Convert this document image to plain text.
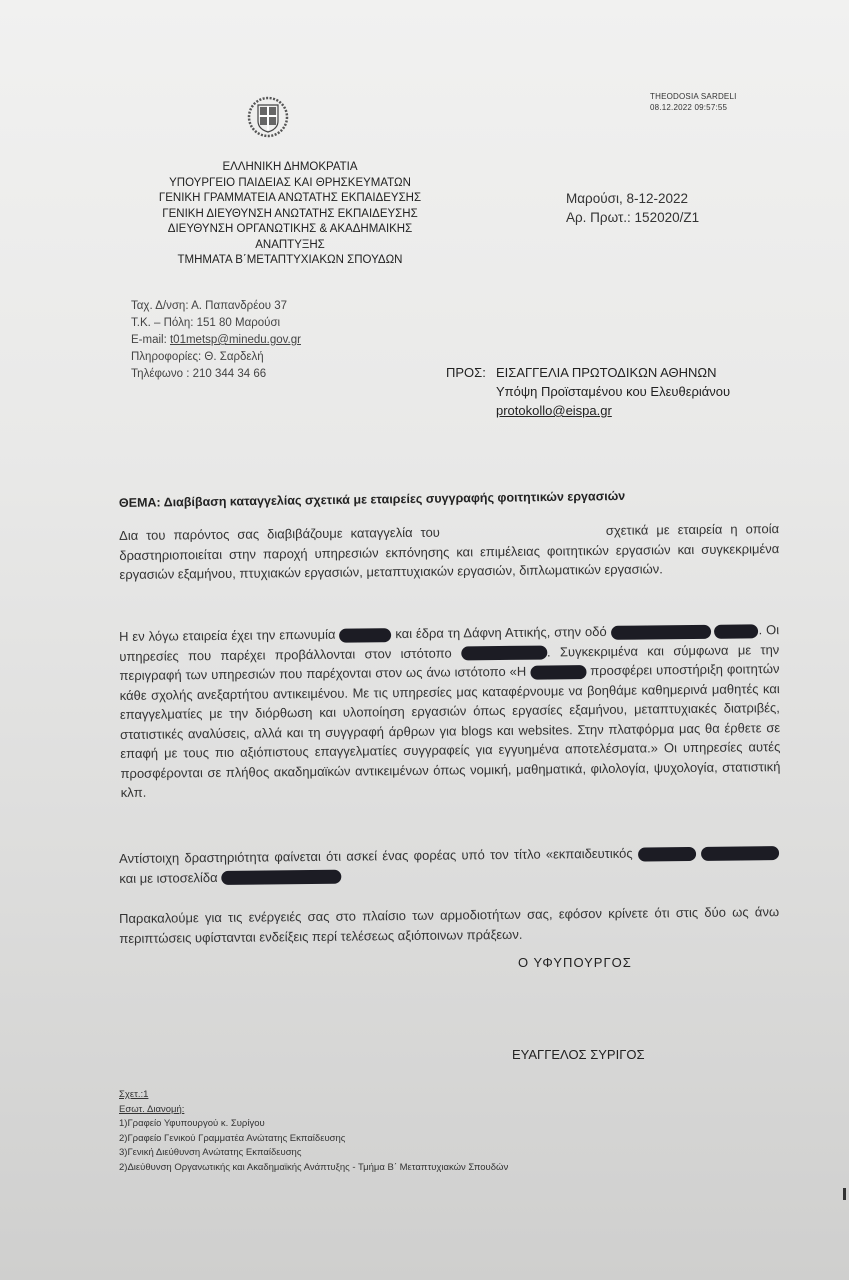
THEODOSIA SARDELI
08.12.2022 09:57:55
ΕΛΛΗΝΙΚΗ ΔΗΜΟΚΡΑΤΙΑ
ΥΠΟΥΡΓΕΙΟ ΠΑΙΔΕΙΑΣ ΚΑΙ ΘΡΗΣΚΕΥΜΑΤΩΝ
ΓΕΝΙΚΗ ΓΡΑΜΜΑΤΕΙΑ ΑΝΩΤΑΤΗΣ ΕΚΠΑΙΔΕΥΣΗΣ
ΓΕΝΙΚΗ ΔΙΕΥΘΥΝΣΗ ΑΝΩΤΑΤΗΣ ΕΚΠΑΙΔΕΥΣΗΣ
ΔΙΕΥΘΥΝΣΗ ΟΡΓΑΝΩΤΙΚΗΣ & ΑΚΑΔΗΜΑΙΚΗΣ
ΑΝΑΠΤΥΞΗΣ
ΤΜΗΜΑΤΑ Β΄ΜΕΤΑΠΤΥΧΙΑΚΩΝ ΣΠΟΥΔΩΝ
Μαρούσι, 8-12-2022
Αρ. Πρωτ.: 152020/Ζ1
Ταχ. Δ/νση: Α. Παπανδρέου 37
Τ.Κ. – Πόλη: 151 80 Μαρούσι
E-mail: t01metsp@minedu.gov.gr
Πληροφορίες: Θ. Σαρδελή
Τηλέφωνο : 210 344 34 66	ΠΡΟΣ: ΕΙΣΑΓΓΕΛΙΑ ΠΡΩΤΟΔΙΚΩΝ ΑΘΗΝΩΝ
Υπόψη Προϊσταμένου κου Ελευθεριάνου
protokollo@eispa.gr
ΘΕΜΑ: Διαβίβαση καταγγελίας σχετικά με εταιρείες συγγραφής φοιτητικών εργασιών
Δια του παρόντος σας διαβιβάζουμε καταγγελία του	σχετικά με εταιρεία η οποία δραστηριοποιείται στην παροχή υπηρεσιών εκπόνησης και επιμέλειας φοιτητικών εργασιών και συγκεκριμένα εργασιών εξαμήνου, πτυχιακών εργασιών, μεταπτυχιακών εργασιών, διπλωματικών εργασιών.
Η εν λόγω εταιρεία έχει την επωνυμία	και έδρα τη Δάφνη Αττικής, στην οδό	. Οι υπηρεσίες που παρέχει προβάλλονται στον ιστότοπο	. Συγκεκριμένα και σύμφωνα με την περιγραφή των υπηρεσιών που παρέχονται στον ως άνω ιστότοπο «Η	προσφέρει υποστήριξη φοιτητών κάθε σχολής ανεξαρτήτου αντικειμένου. Με τις υπηρεσίες μας καταφέρνουμε να βοηθάμε καθημερινά μαθητές και επαγγελματίες με την διόρθωση και υλοποίηση εργασιών όπως εργασίες εξαμήνου, μεταπτυχιακές διατριβές, στατιστικές αναλύσεις, αλλά και τη συγγραφή άρθρων για blogs και websites. Στην πλατφόρμα μας θα έρθετε σε επαφή με τους πιο αξιόπιστους επαγγελματίες συγγραφείς για εγγυημένα αποτελέσματα.» Οι υπηρεσίες αυτές προσφέρονται σε πλήθος ακαδημαϊκών αντικειμένων όπως νομική, μαθηματικά, φιλολογία, ψυχολογία, στατιστική κλπ.
Αντίστοιχη δραστηριότητα φαίνεται ότι ασκεί ένας φορέας υπό τον τίτλο «εκπαιδευτικός   και με ιστοσελίδα
Παρακαλούμε για τις ενέργειές σας στο πλαίσιο των αρμοδιοτήτων σας, εφόσον κρίνετε ότι στις δύο ως άνω περιπτώσεις υφίστανται ενδείξεις περί τελέσεως αξιόποινων πράξεων.
Ο ΥΦΥΠΟΥΡΓΟΣ
ΕΥΑΓΓΕΛΟΣ ΣΥΡΙΓΟΣ
Σχετ.:1
Εσωτ. Διανομή:
1)Γραφείο Υφυπουργού κ. Συρίγου
2)Γραφείο Γενικού Γραμματέα Ανώτατης Εκπαίδευσης
3)Γενική Διεύθυνση Ανώτατης Εκπαίδευσης
2)Διεύθυνση Οργανωτικής και Ακαδημαϊκής Ανάπτυξης - Τμήμα Β΄ Μεταπτυχιακών Σπουδών
